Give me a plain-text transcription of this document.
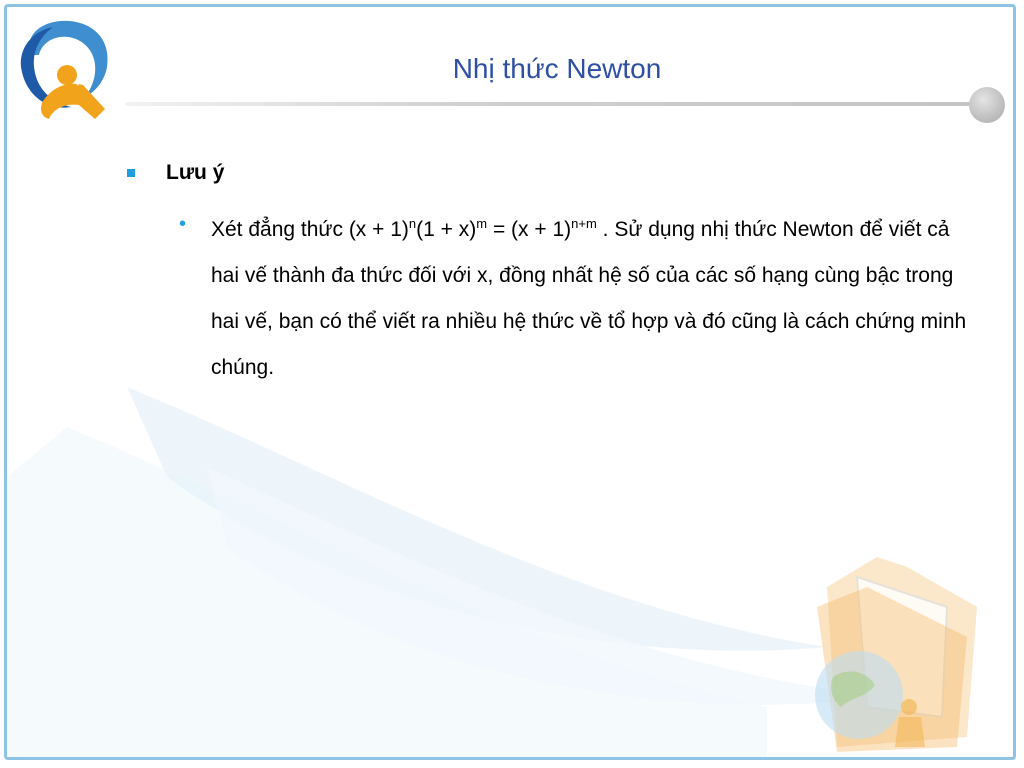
Nhị thức Newton
Lưu ý
• Xét đẳng thức $(x + 1)^n(1 + x)^m = (x + 1)^{n+m}$ . Sử dụng nhị thức Newton để viết cả hai vế thành đa thức đối với x, đồng nhất hệ số của các số hạng cùng bậc trong hai vế, bạn có thể viết ra nhiều hệ thức về tổ hợp và đó cũng là cách chứng minh chúng.
